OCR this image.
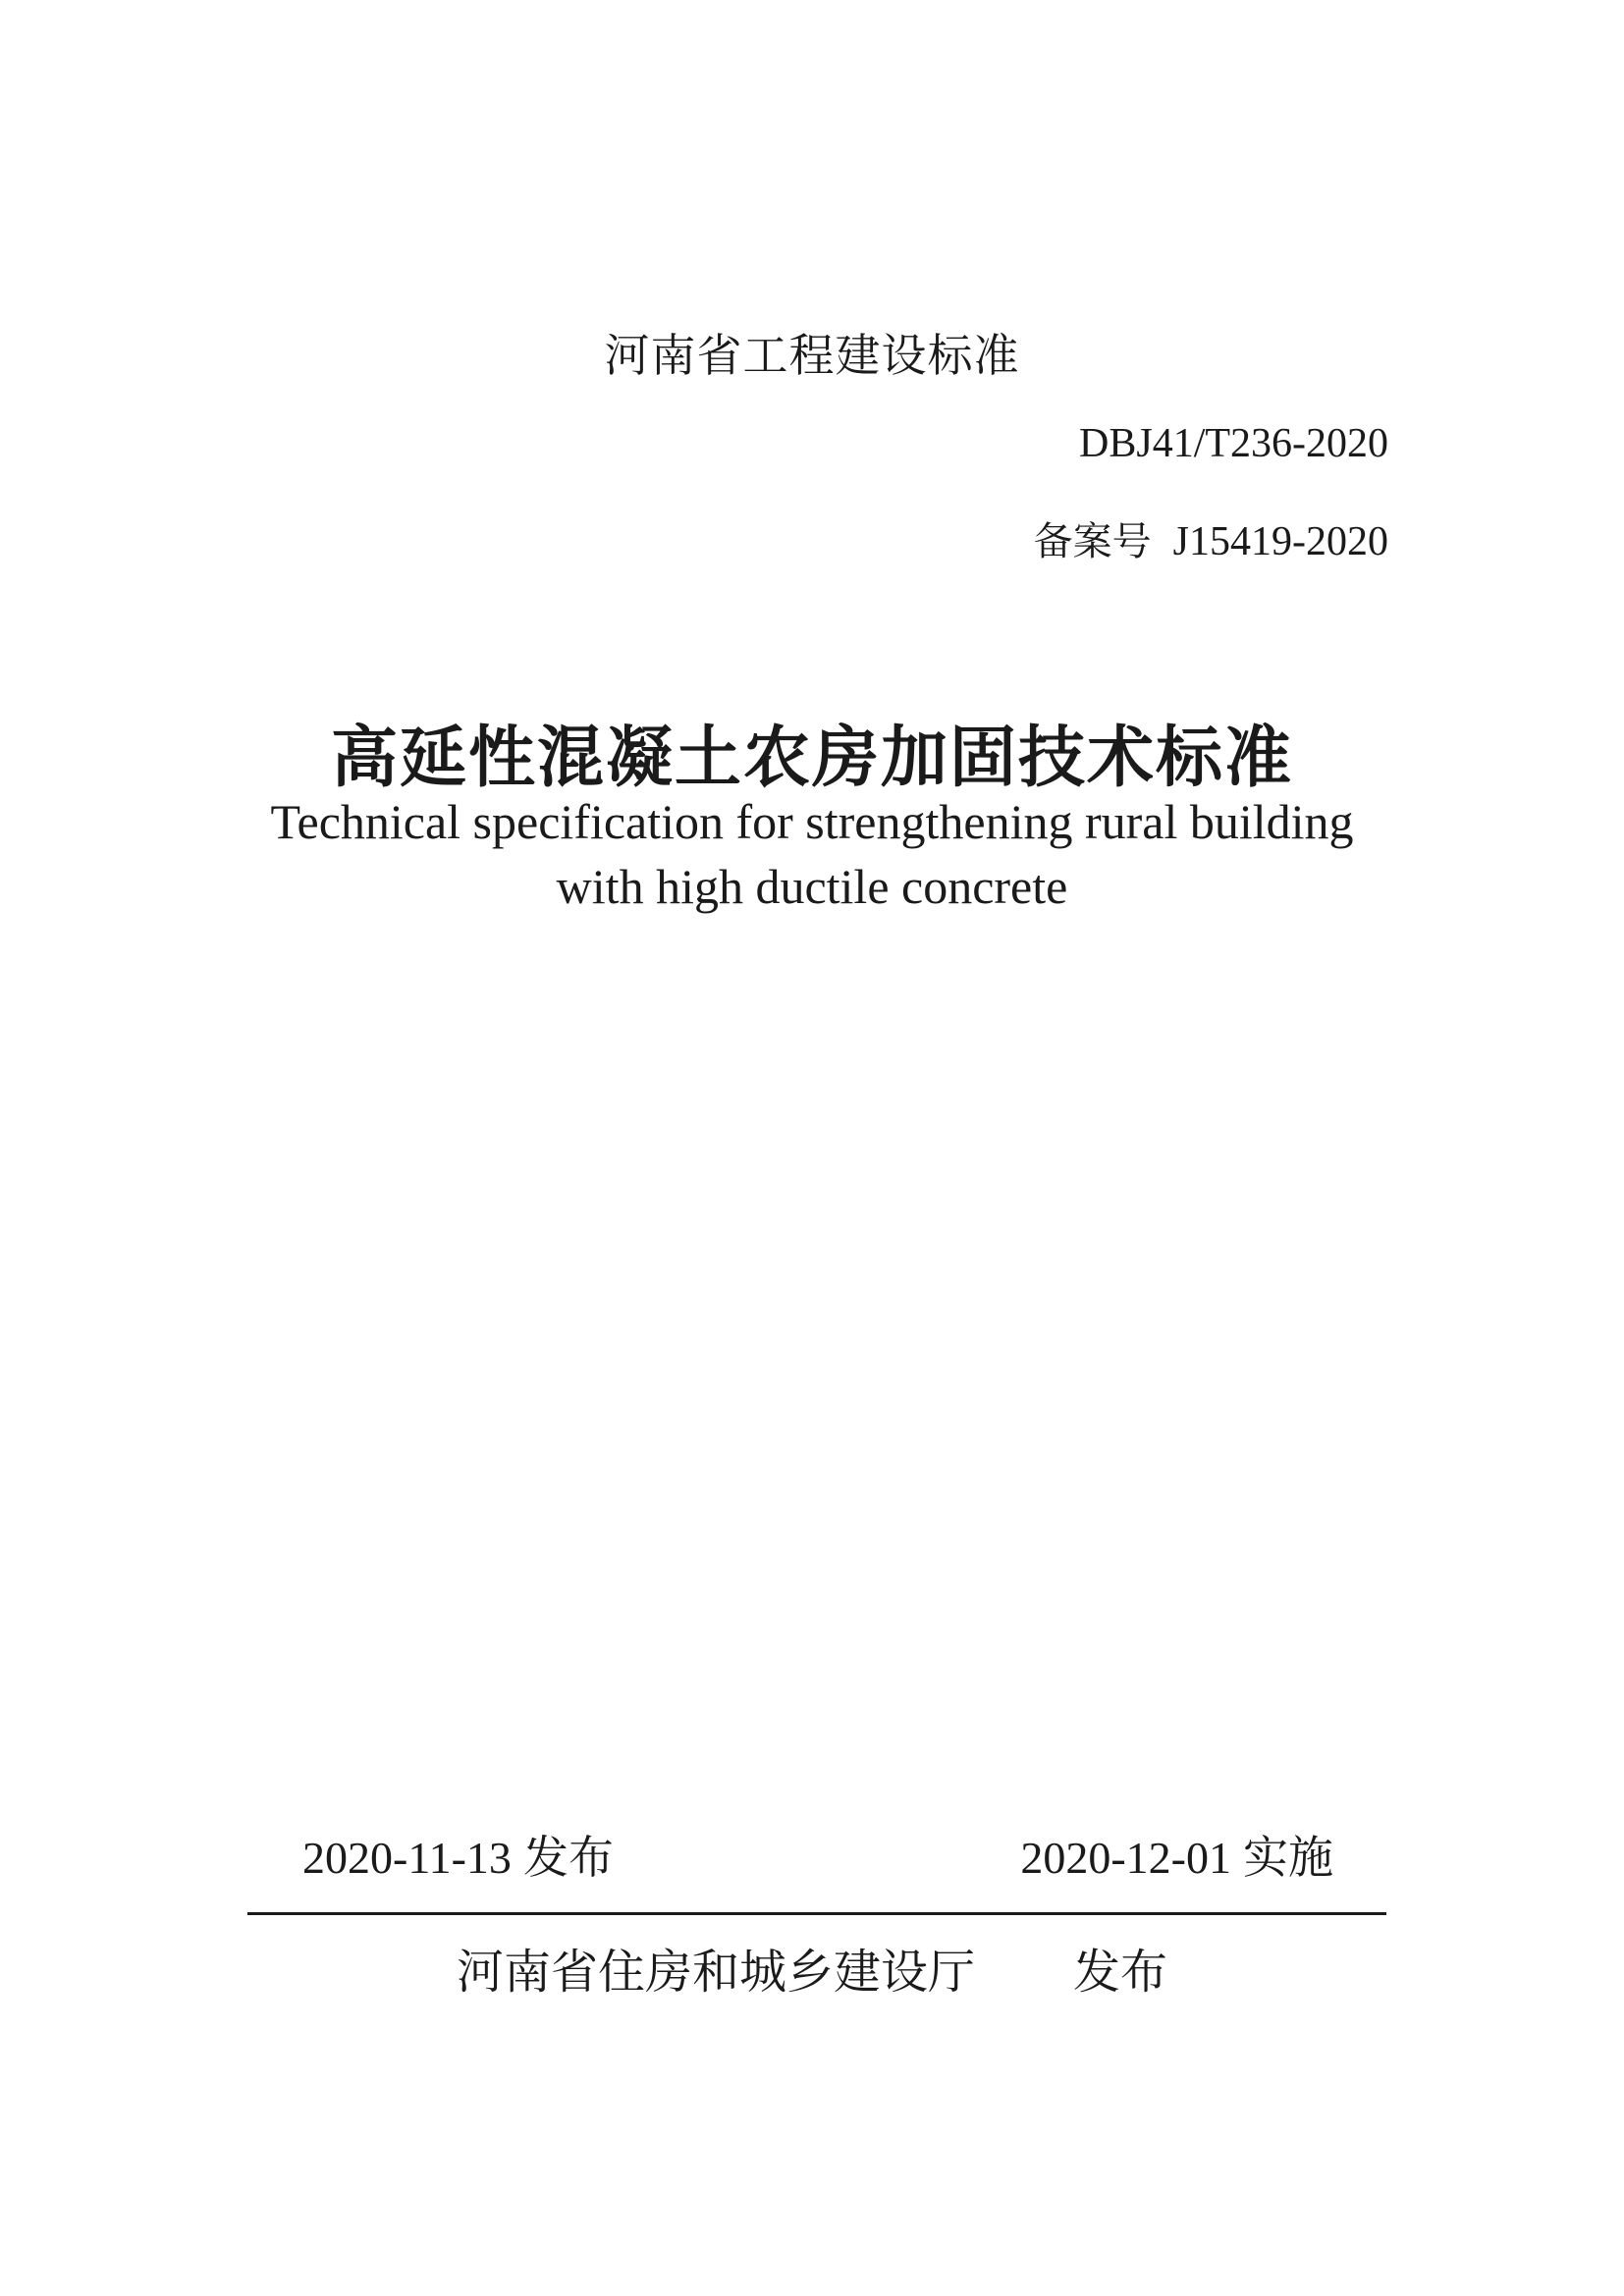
河南省工程建设标准
DBJ41/T236-2020
备案号 J15419-2020
高延性混凝土农房加固技术标准
Technical specification for strengthening rural building
with high ductile concrete
2020-11-13 发布	2020-12-01 实施
河南省住房和城乡建设厅 发布
